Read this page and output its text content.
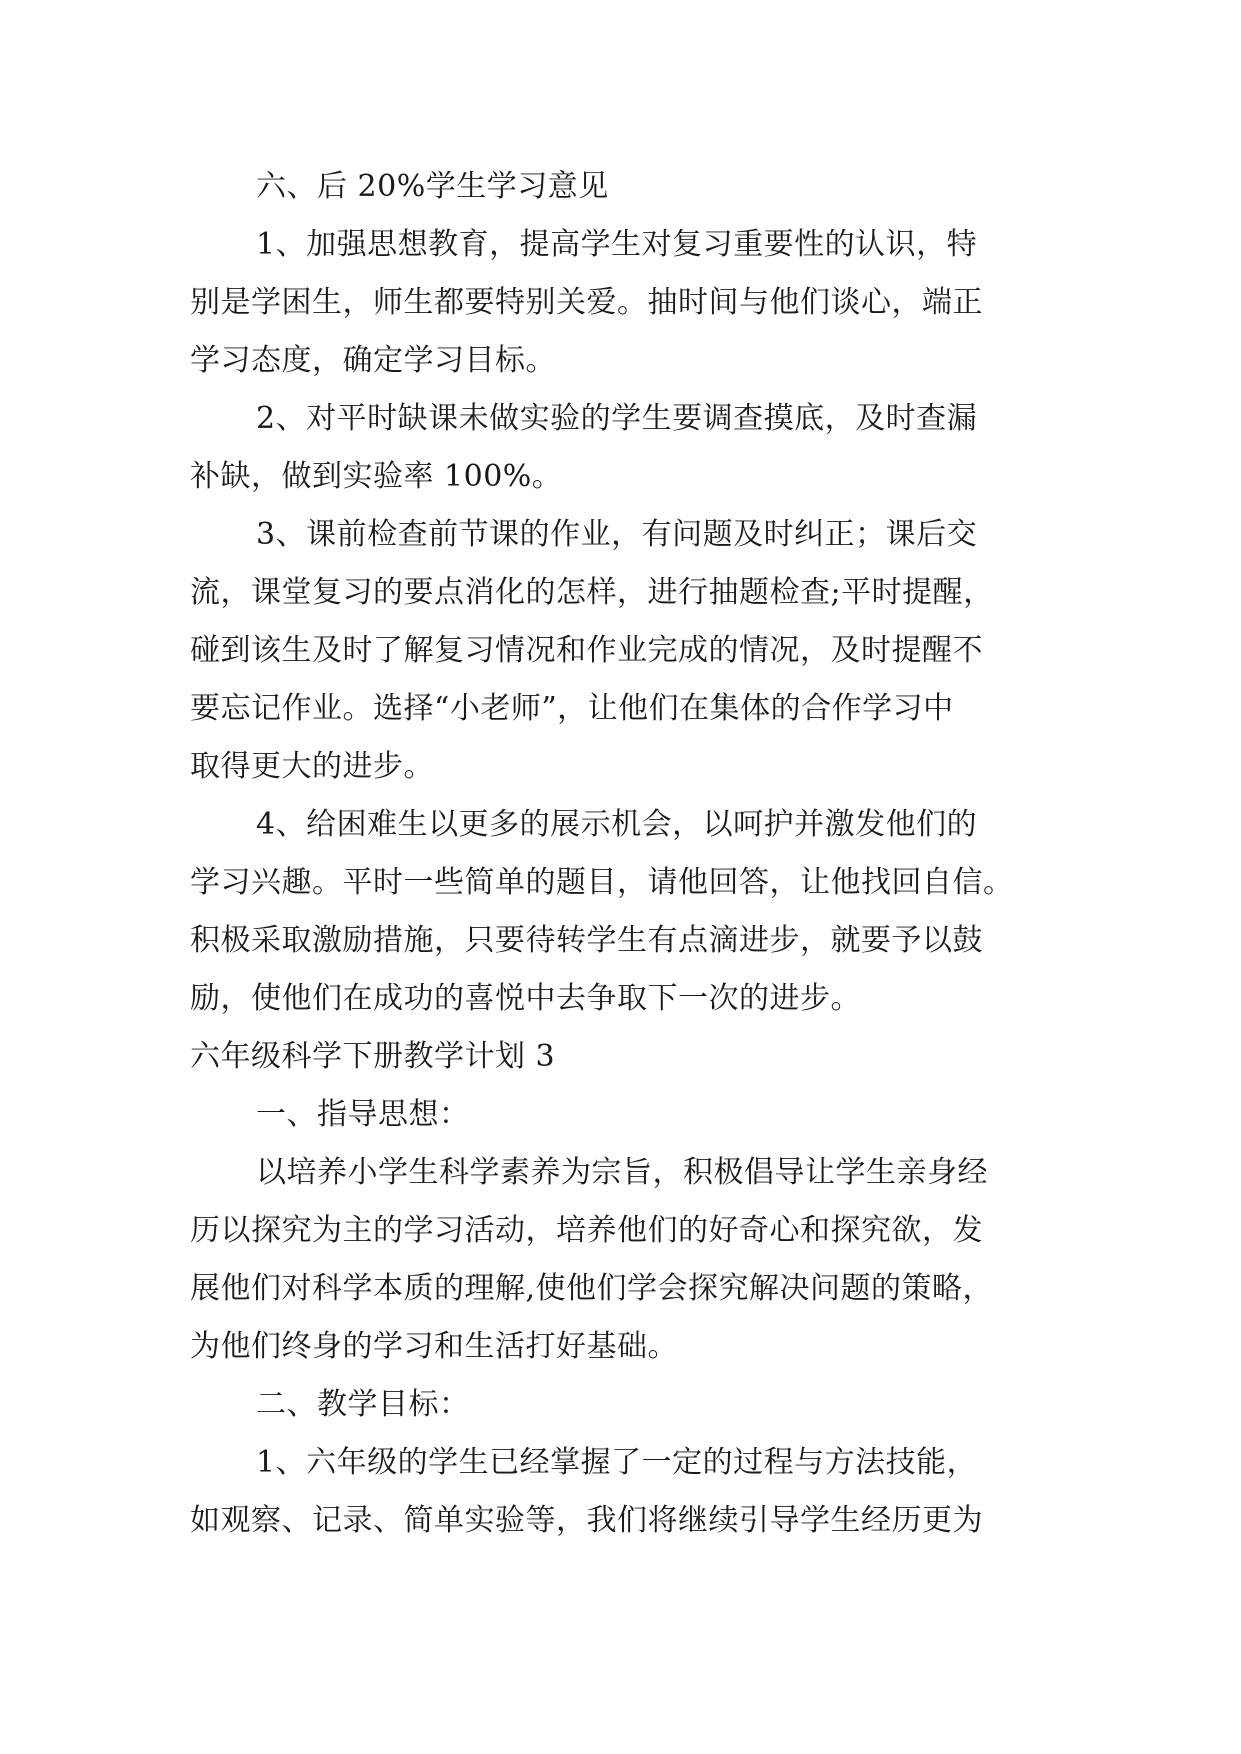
六、后 20%学生学习意见
1、加强思想教育，提高学生对复习重要性的认识，特
别是学困生，师生都要特别关爱。抽时间与他们谈心，端正
学习态度，确定学习目标。
2、对平时缺课未做实验的学生要调查摸底，及时查漏
补缺，做到实验率 100%。
3、课前检查前节课的作业，有问题及时纠正；课后交
流，课堂复习的要点消化的怎样，进行抽题检查;平时提醒，
碰到该生及时了解复习情况和作业完成的情况，及时提醒不
要忘记作业。选择“小老师”，让他们在集体的合作学习中
取得更大的进步。
4、给困难生以更多的展示机会，以呵护并激发他们的
学习兴趣。平时一些简单的题目，请他回答，让他找回自信。
积极采取激励措施，只要待转学生有点滴进步，就要予以鼓
励，使他们在成功的喜悦中去争取下一次的进步。
六年级科学下册教学计划 3
一、指导思想：
以培养小学生科学素养为宗旨，积极倡导让学生亲身经
历以探究为主的学习活动，培养他们的好奇心和探究欲，发
展他们对科学本质的理解,使他们学会探究解决问题的策略，
为他们终身的学习和生活打好基础。
二、教学目标：
1、六年级的学生已经掌握了一定的过程与方法技能，
如观察、记录、简单实验等，我们将继续引导学生经历更为
